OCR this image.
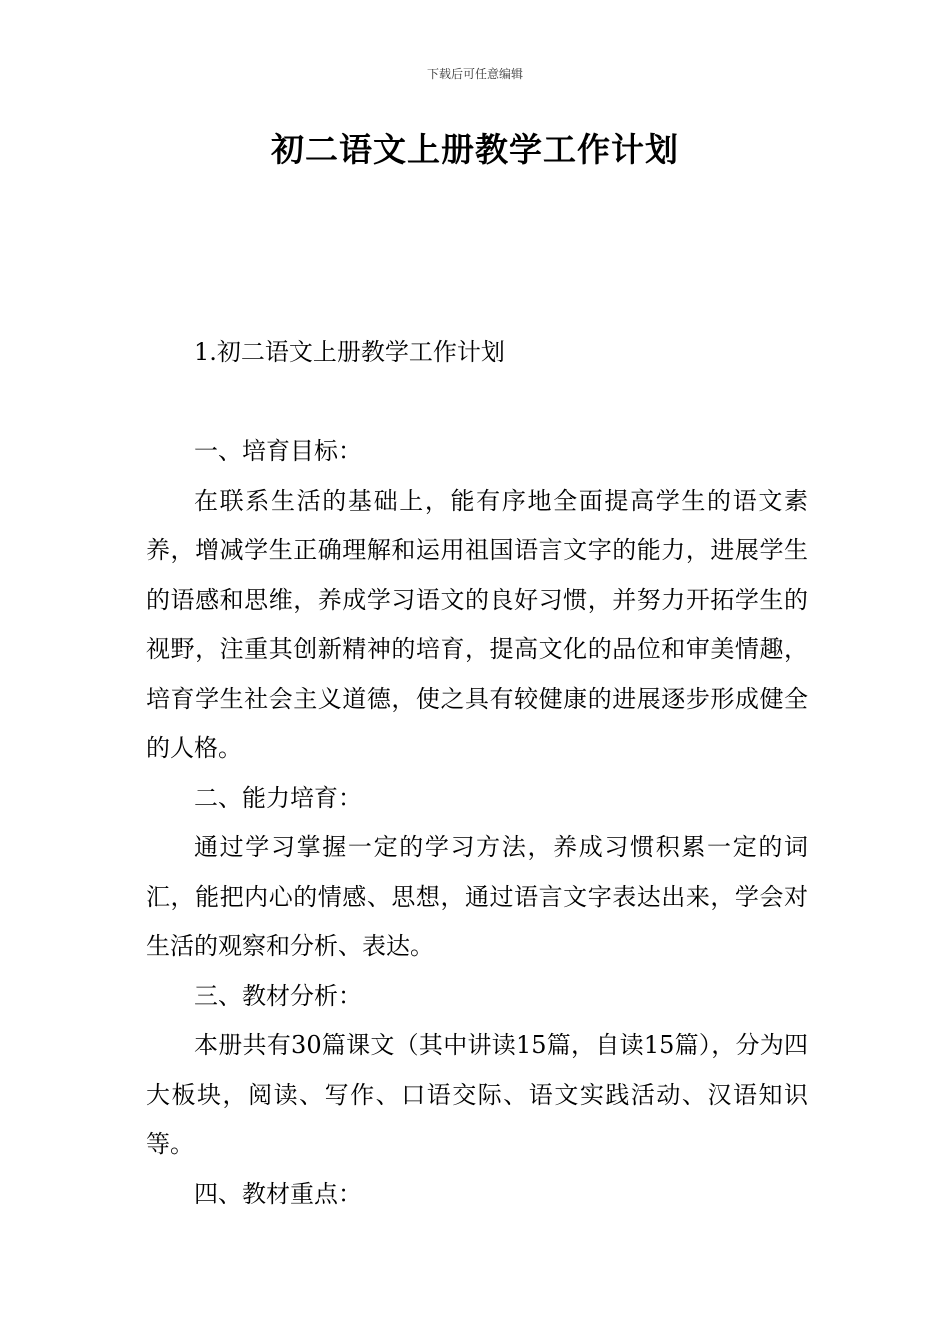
下载后可任意编辑
初二语文上册教学工作计划

1.初二语文上册教学工作计划

一、培育目标：

在联系生活的基础上，能有序地全面提高学生的语文素养，增减学生正确理解和运用祖国语言文字的能力，进展学生的语感和思维，养成学习语文的良好习惯，并努力开拓学生的视野，注重其创新精神的培育，提高文化的品位和审美情趣，培育学生社会主义道德，使之具有较健康的进展逐步形成健全的人格。

二、能力培育：

通过学习掌握一定的学习方法，养成习惯积累一定的词汇，能把内心的情感、思想，通过语言文字表达出来，学会对生活的观察和分析、表达。

三、教材分析：

本册共有30篇课文（其中讲读15篇，自读15篇），分为四大板块，阅读、写作、口语交际、语文实践活动、汉语知识等。

四、教材重点：
